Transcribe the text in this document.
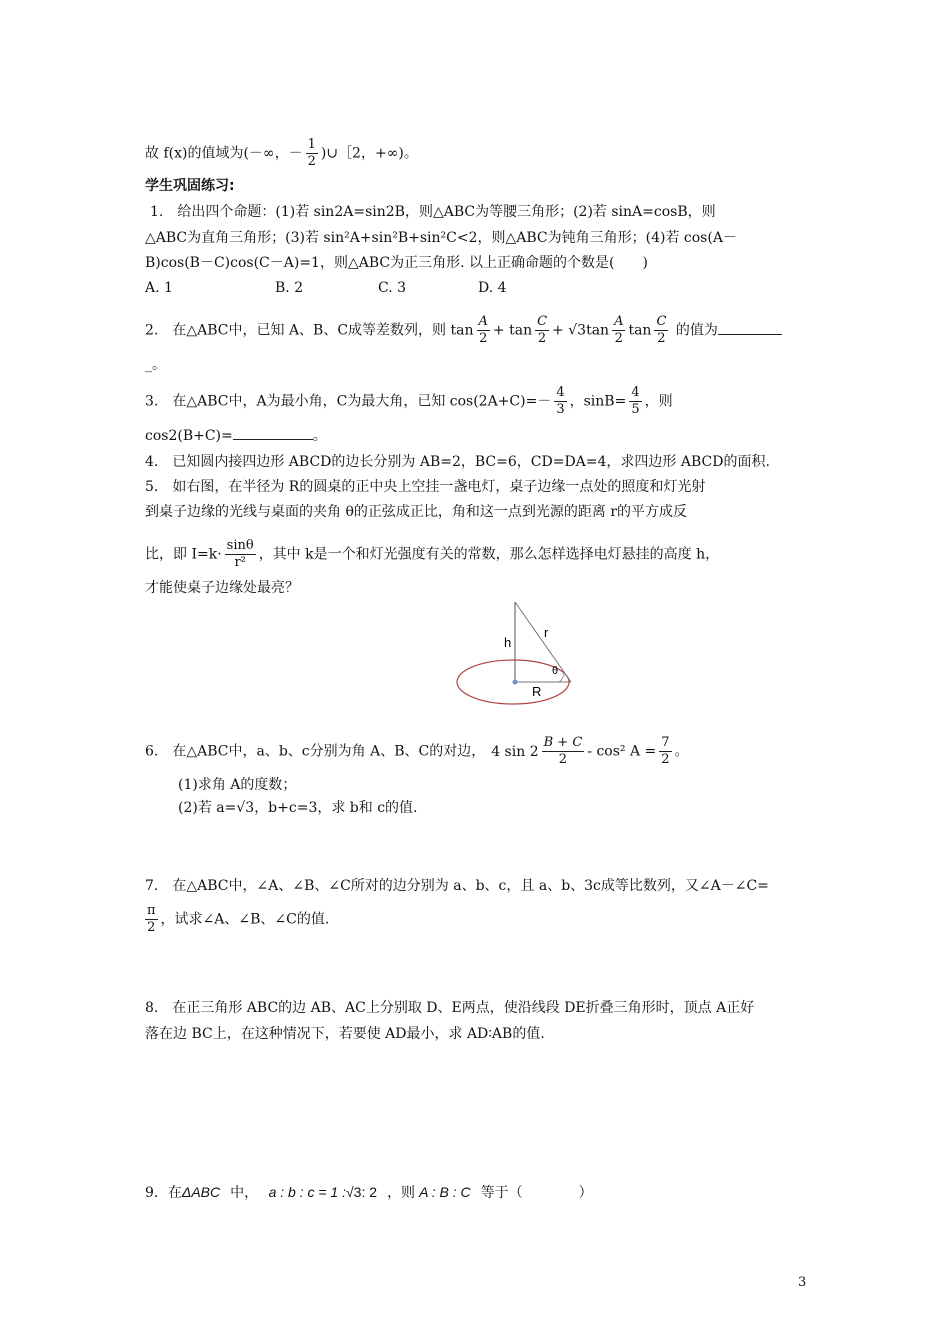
故 f(x)的值域为(－∞，－ $\frac{1}{2}$ )∪［2，+∞)。
学生巩固练习:
1.　给出四个命题：(1)若 sin2A=sin2B，则△ABC为等腰三角形；(2)若 sinA=cosB，则
△ABC为直角三角形；(3)若 sin²A+sin²B+sin²C<2，则△ABC为钝角三角形；(4)若 cos(A－
B)cos(B－C)cos(C－A)=1，则△ABC为正三角形. 以上正确命题的个数是(　　)
A. 1	B. 2	C. 3	D. 4
2.　在△ABC中，已知 A、B、C成等差数列，则 $\tan \frac{A}{2} + \tan \frac{C}{2} + √3\tan \frac{A}{2}$ $\tan \frac{C}{2}$ 的值为
_。
3.　在△ABC中，A为最小角，C为最大角，已知 $\cos(2A+C)=- \frac{4}{3}$ ，$\sin B= \frac{4}{5}$ ，则
cos2(B+C)=	。
4.　已知圆内接四边形 ABCD的边长分别为 AB=2，BC=6，CD=DA=4，求四边形 ABCD的面积.
5.　如右图，在半径为 R的圆桌的正中央上空挂一盏电灯，桌子边缘一点处的照度和灯光射
到桌子边缘的光线与桌面的夹角 θ的正弦成正比，角和这一点到光源的距离 r的平方成反
比，即 $I=k\cdot \frac{\sin\theta}{\text{r²}}$ ，其中 k是一个和灯光强度有关的常数，那么怎样选择电灯悬挂的高度 h，
才能使桌子边缘处最亮？
h
r
θ
R
6.　在△ABC中，a、b、c分别为角 A、B、C的对边， 4 $\sin 2 \frac{B + C}{2} - \cos^2$ $A = \frac{7}{2}$ 。
(1)求角 A的度数；
(2)若 a=√3，b+c=3，求 b和 c的值.
7.　在△ABC中，∠A、∠B、∠C所对的边分别为 a、b、c，且 a、b、3c成等比数列，又∠A－∠C=
$\frac{\pi}{2}$ ，试求∠A、∠B、∠C的值.
8.　在正三角形 ABC的边 AB、AC上分别取 D、E两点，使沿线段 DE折叠三角形时，顶点 A正好
落在边 BC上，在这种情况下，若要使 AD最小，求 AD∶AB的值.
9．在ΔABC 中， a : b : c = 1 :√3: 2 ，则 A : B : C 等于（　　　　）
3
